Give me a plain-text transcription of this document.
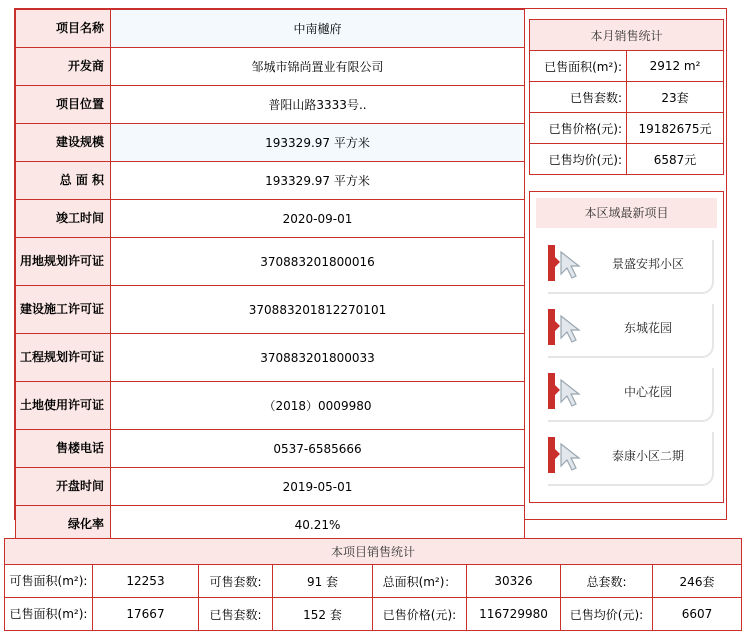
项目名称	中南樾府
开发商	邹城市锦尚置业有限公司
项目位置	普阳山路3333号..
建设规模	193329.97 平方米
总 面 积	193329.97 平方米
竣工时间	2020-09-01
用地规划许可证	370883201800016
建设施工许可证	370883201812270101
工程规划许可证	370883201800033
土地使用许可证	（2018）0009980
售楼电话	0537-6585666
开盘时间	2019-05-01
绿化率	40.21%
本月销售统计	
已售面积(m²):	2912 m²
已售套数:	23套
已售价格(元):	19182675元
已售均价(元):	6587元
本区域最新项目
景盛安邦小区
东城花园
中心花园
泰康小区二期
本项目销售统计							
可售面积(m²):	12253	可售套数:	91 套	总面积(m²)：	30326	总套数:	246套
已售面积(m²):	17667	已售套数:	152 套	已售价格(元):	116729980	已售均价(元):	6607
